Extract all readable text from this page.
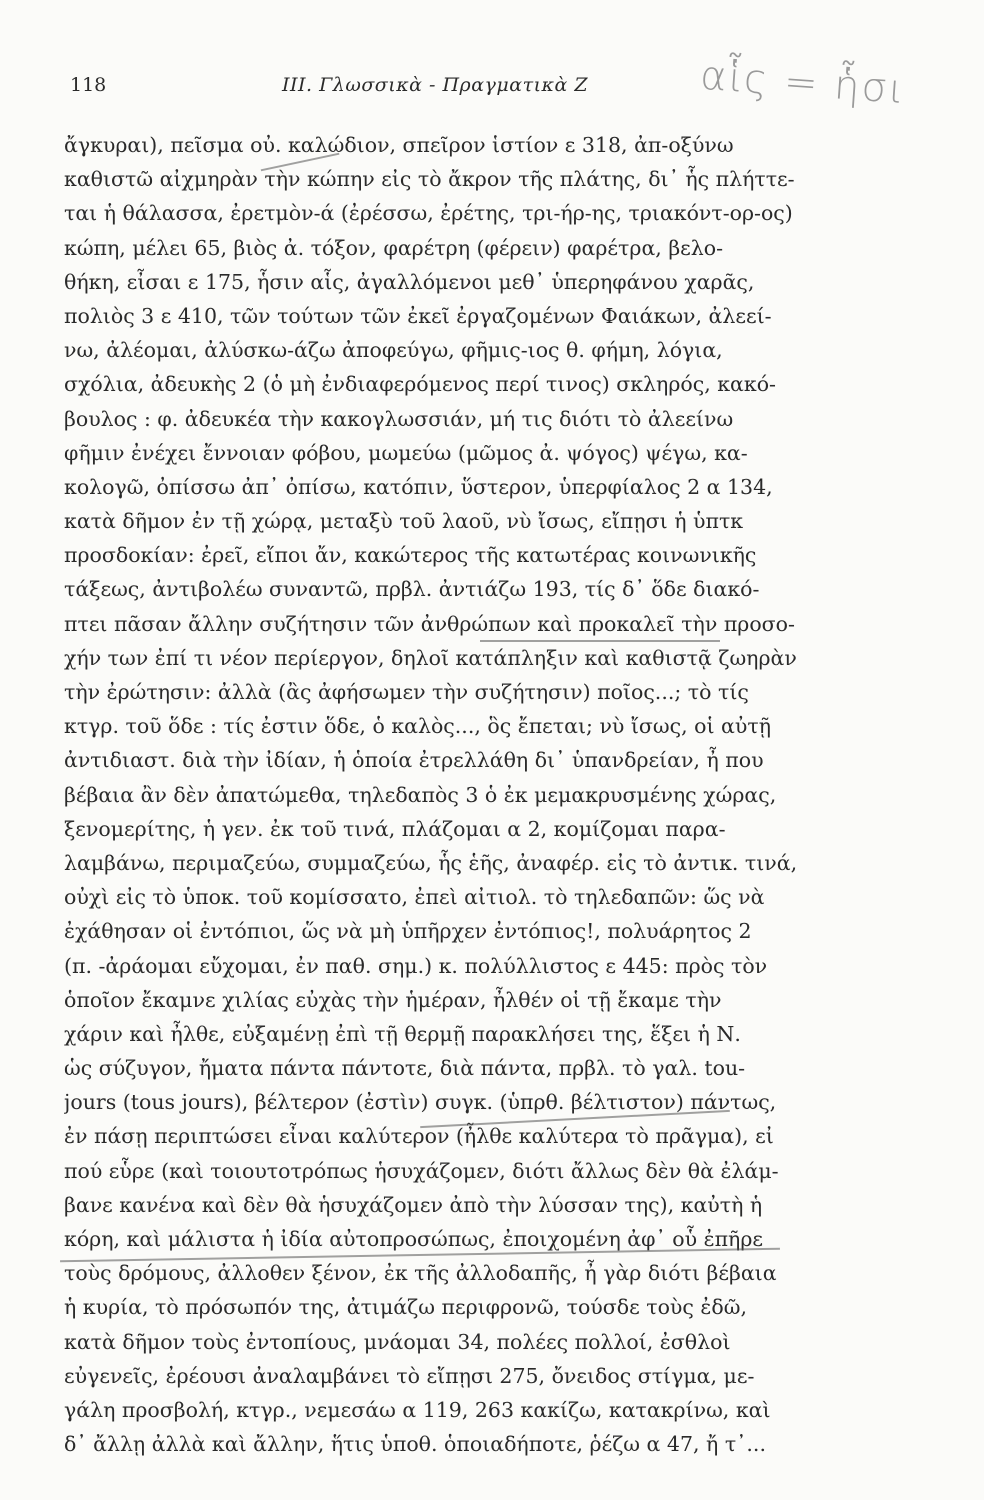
118	III. Γλωσσικὰ - Πραγματικὰ Ζ	αἷς = ἧσι
ἄγκυραι), πεῖσμα οὐ. καλώδιον, σπεῖρον ἱστίον ε 318, ἀπ-οξύνω
καθιστῶ αἰχμηρὰν τὴν κώπην εἰς τὸ ἄκρον τῆς πλάτης, δι᾽ ἧς πλήττε-
ται ἡ θάλασσα, ἐρετμὸν-ά (ἐρέσσω, ἐρέτης, τρι-ήρ-ης, τριακόντ-ορ-ος)
κώπη, μέλει 65, βιὸς ἀ. τόξον, φαρέτρη (φέρειν) φαρέτρα, βελο-
θήκη, εἶσαι ε 175, ἧσιν αἷς, ἀγαλλόμενοι μεθ᾽ ὑπερηφάνου χαρᾶς,
πολιὸς 3 ε 410, τῶν τούτων τῶν ἐκεῖ ἐργαζομένων Φαιάκων, ἀλεεί-
νω, ἀλέομαι, ἀλύσκω-άζω ἀποφεύγω, φῆμις-ιος θ. φήμη, λόγια,
σχόλια, ἀδευκὴς 2 (ὁ μὴ ἐνδιαφερόμενος περί τινος) σκληρός, κακό-
βουλος : φ. ἀδευκέα τὴν κακογλωσσιάν, μή τις διότι τὸ ἀλεείνω
φῆμιν ἐνέχει ἔννοιαν φόβου, μωμεύω (μῶμος ἀ. ψόγος) ψέγω, κα-
κολογῶ, ὀπίσσω ἀπ᾽ ὀπίσω, κατόπιν, ὕστερον, ὑπερφίαλος 2 α 134,
κατὰ δῆμον ἐν τῇ χώρᾳ, μεταξὺ τοῦ λαοῦ, νὺ ἴσως, εἴπῃσι ἡ ὑπτκ
προσδοκίαν: ἐρεῖ, εἴποι ἄν, κακώτερος τῆς κατωτέρας κοινωνικῆς
τάξεως, ἀντιβολέω συναντῶ, πρβλ. ἀντιάζω 193, τίς δ᾽ ὅδε διακό-
πτει πᾶσαν ἄλλην συζήτησιν τῶν ἀνθρώπων καὶ προκαλεῖ τὴν προσο-
χήν των ἐπί τι νέον περίεργον, δηλοῖ κατάπληξιν καὶ καθιστᾷ ζωηρὰν
τὴν ἐρώτησιν: ἀλλὰ (ἂς ἀφήσωμεν τὴν συζήτησιν) ποῖος...; τὸ τίς
κτγρ. τοῦ ὅδε : τίς ἐστιν ὅδε, ὁ καλὸς..., ὃς ἔπεται; νὺ ἴσως, οἱ αὐτῇ
ἀντιδιαστ. διὰ τὴν ἰδίαν, ἡ ὁποία ἐτρελλάθη δι᾽ ὑπανδρείαν, ἦ που
βέβαια ἂν δὲν ἀπατώμεθα, τηλεδαπὸς 3 ὁ ἐκ μεμακρυσμένης χώρας,
ξενομερίτης, ἡ γεν. ἐκ τοῦ τινά, πλάζομαι α 2, κομίζομαι παρα-
λαμβάνω, περιμαζεύω, συμμαζεύω, ἧς ἑῆς, ἀναφέρ. εἰς τὸ ἀντικ. τινά,
οὐχὶ εἰς τὸ ὑποκ. τοῦ κομίσσατο, ἐπεὶ αἰτιολ. τὸ τηλεδαπῶν: ὥς νὰ
ἐχάθησαν οἱ ἐντόπιοι, ὥς νὰ μὴ ὑπῆρχεν ἐντόπιος!, πολυάρητος 2
(π. -ἀράομαι εὔχομαι, ἐν παθ. σημ.) κ. πολύλλιστος ε 445: πρὸς τὸν
ὁποῖον ἔκαμνε χιλίας εὐχὰς τὴν ἡμέραν, ἦλθέν οἱ τῇ ἔκαμε τὴν
χάριν καὶ ἦλθε, εὐξαμένῃ ἐπὶ τῇ θερμῇ παρακλήσει της, ἕξει ἡ Ν.
ὡς σύζυγον, ἤματα πάντα πάντοτε, διὰ πάντα, πρβλ. τὸ γαλ. tou-
jours (tous jours), βέλτερον (ἐστὶν) συγκ. (ὑπρθ. βέλτιστον) πάντως,
ἐν πάσῃ περιπτώσει εἶναι καλύτερον (ἦλθε καλύτερα τὸ πρᾶγμα), εἰ
πού εὗρε (καὶ τοιουτοτρόπως ἡσυχάζομεν, διότι ἄλλως δὲν θὰ ἐλάμ-
βανε κανένα καὶ δὲν θὰ ἡσυχάζομεν ἀπὸ τὴν λύσσαν της), καὐτὴ ἡ
κόρη, καὶ μάλιστα ἡ ἰδία αὐτοπροσώπως, ἐποιχομένη ἀφ᾽ οὗ ἐπῆρε
τοὺς δρόμους, ἀλλοθεν ξένον, ἐκ τῆς ἀλλοδαπῆς, ἦ γὰρ διότι βέβαια
ἡ κυρία, τὸ πρόσωπόν της, ἀτιμάζω περιφρονῶ, τούσδε τοὺς ἐδῶ,
κατὰ δῆμον τοὺς ἐντοπίους, μνάομαι 34, πολέες πολλοί, ἐσθλοὶ
εὐγενεῖς, ἐρέουσι ἀναλαμβάνει τὸ εἴπῃσι 275, ὄνειδος στίγμα, με-
γάλη προσβολή, κτγρ., νεμεσάω α 119, 263 κακίζω, κατακρίνω, καὶ
δ᾽ ἄλλῃ ἀλλὰ καὶ ἄλλην, ἥτις ὑποθ. ὁποιαδήποτε, ῥέζω α 47, ἤ τ᾽...
